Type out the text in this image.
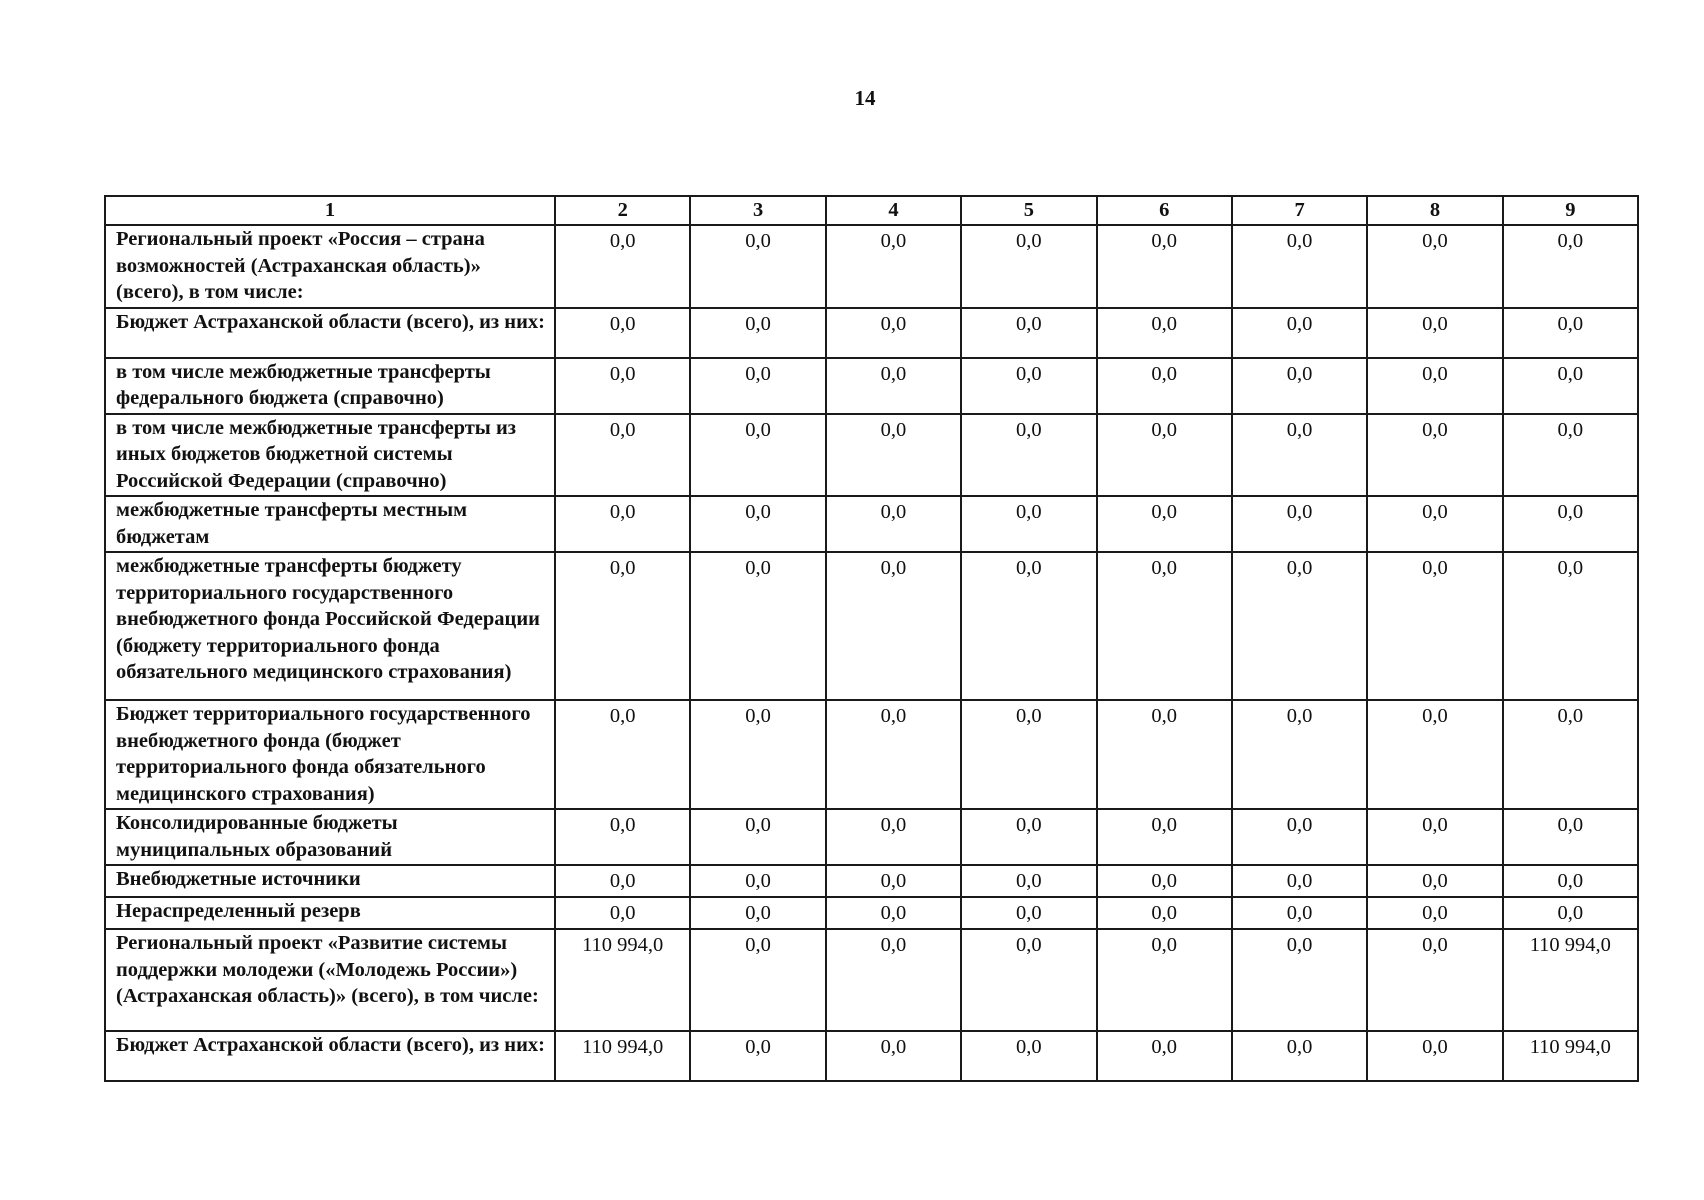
14
1	2	3	4	5	6	7	8	9
Региональный проект «Россия – страна возможностей (Астраханская область)» (всего), в том числе:	0,0	0,0	0,0	0,0	0,0	0,0	0,0	0,0
Бюджет Астраханской области (всего), из них:	0,0	0,0	0,0	0,0	0,0	0,0	0,0	0,0
в том числе межбюджетные трансферты федерального бюджета (справочно)	0,0	0,0	0,0	0,0	0,0	0,0	0,0	0,0
в том числе межбюджетные трансферты из иных бюджетов бюджетной системы Российской Федерации (справочно)	0,0	0,0	0,0	0,0	0,0	0,0	0,0	0,0
межбюджетные трансферты местным бюджетам	0,0	0,0	0,0	0,0	0,0	0,0	0,0	0,0
межбюджетные трансферты бюджету территориального государственного внебюджетного фонда Российской Федерации (бюджету территориального фонда обязательного медицинского страхования)	0,0	0,0	0,0	0,0	0,0	0,0	0,0	0,0
Бюджет территориального государственного внебюджетного фонда (бюджет территориального фонда обязательного медицинского страхования)	0,0	0,0	0,0	0,0	0,0	0,0	0,0	0,0
Консолидированные бюджеты муниципальных образований	0,0	0,0	0,0	0,0	0,0	0,0	0,0	0,0
Внебюджетные источники	0,0	0,0	0,0	0,0	0,0	0,0	0,0	0,0
Нераспределенный резерв	0,0	0,0	0,0	0,0	0,0	0,0	0,0	0,0
Региональный проект «Развитие системы поддержки молодежи («Молодежь России») (Астраханская область)» (всего), в том числе:	110 994,0	0,0	0,0	0,0	0,0	0,0	0,0	110 994,0
Бюджет Астраханской области (всего), из них:	110 994,0	0,0	0,0	0,0	0,0	0,0	0,0	110 994,0
